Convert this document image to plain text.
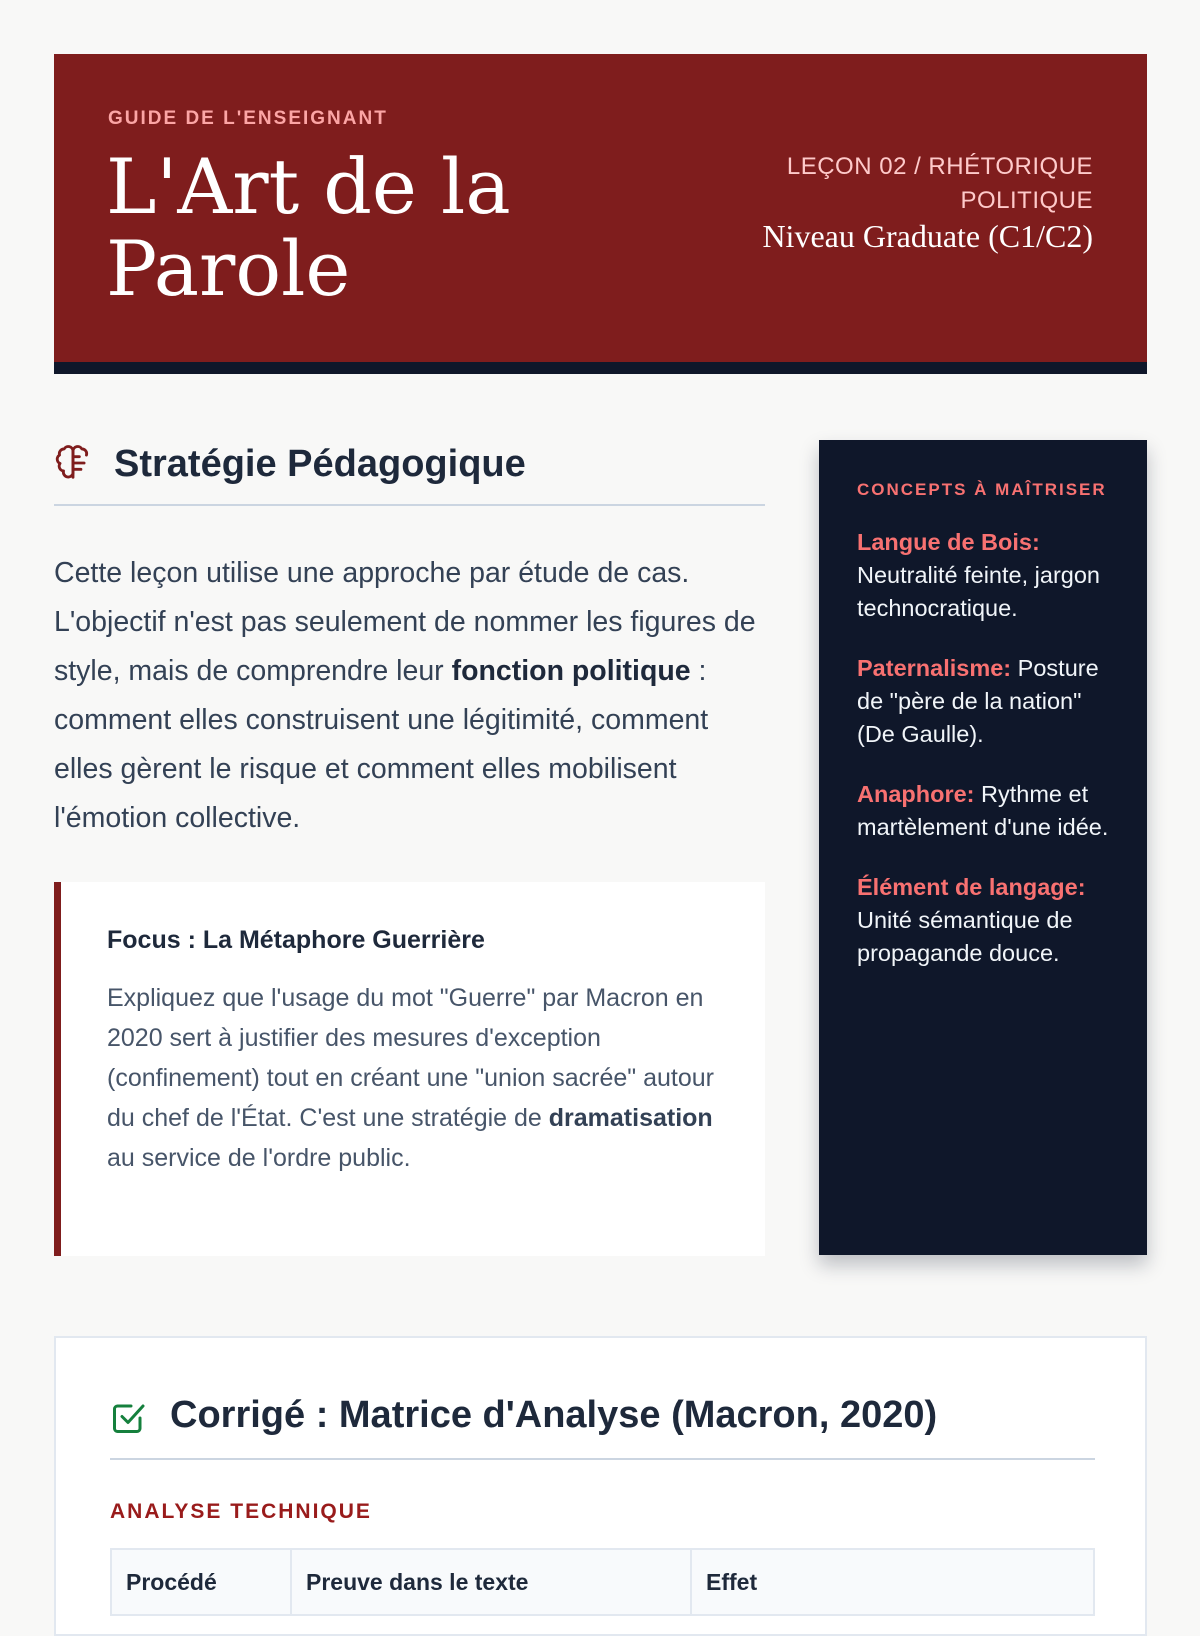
GUIDE DE L'ENSEIGNANT
L'Art de la Parole
LEÇON 02 / RHÉTORIQUE POLITIQUE
Niveau Graduate (C1/C2)
Stratégie Pédagogique

Cette leçon utilise une approche par étude de cas. L'objectif n'est pas seulement de nommer les figures de style, mais de comprendre leur fonction politique : comment elles construisent une légitimité, comment elles gèrent le risque et comment elles mobilisent l'émotion collective.

Focus : La Métaphore Guerrière

Expliquez que l'usage du mot "Guerre" par Macron en 2020 sert à justifier des mesures d'exception (confinement) tout en créant une "union sacrée" autour du chef de l'État. C'est une stratégie de dramatisation au service de l'ordre public.

CONCEPTS À MAÎTRISER

Langue de Bois: Neutralité feinte, jargon technocratique.

Paternalisme: Posture de "père de la nation" (De Gaulle).

Anaphore: Rythme et martèlement d'une idée.

Élément de langage: Unité sémantique de propagande douce.

Corrigé : Matrice d'Analyse (Macron, 2020)
ANALYSE TECHNIQUE
Procédé	Preuve dans le texte	Effet
